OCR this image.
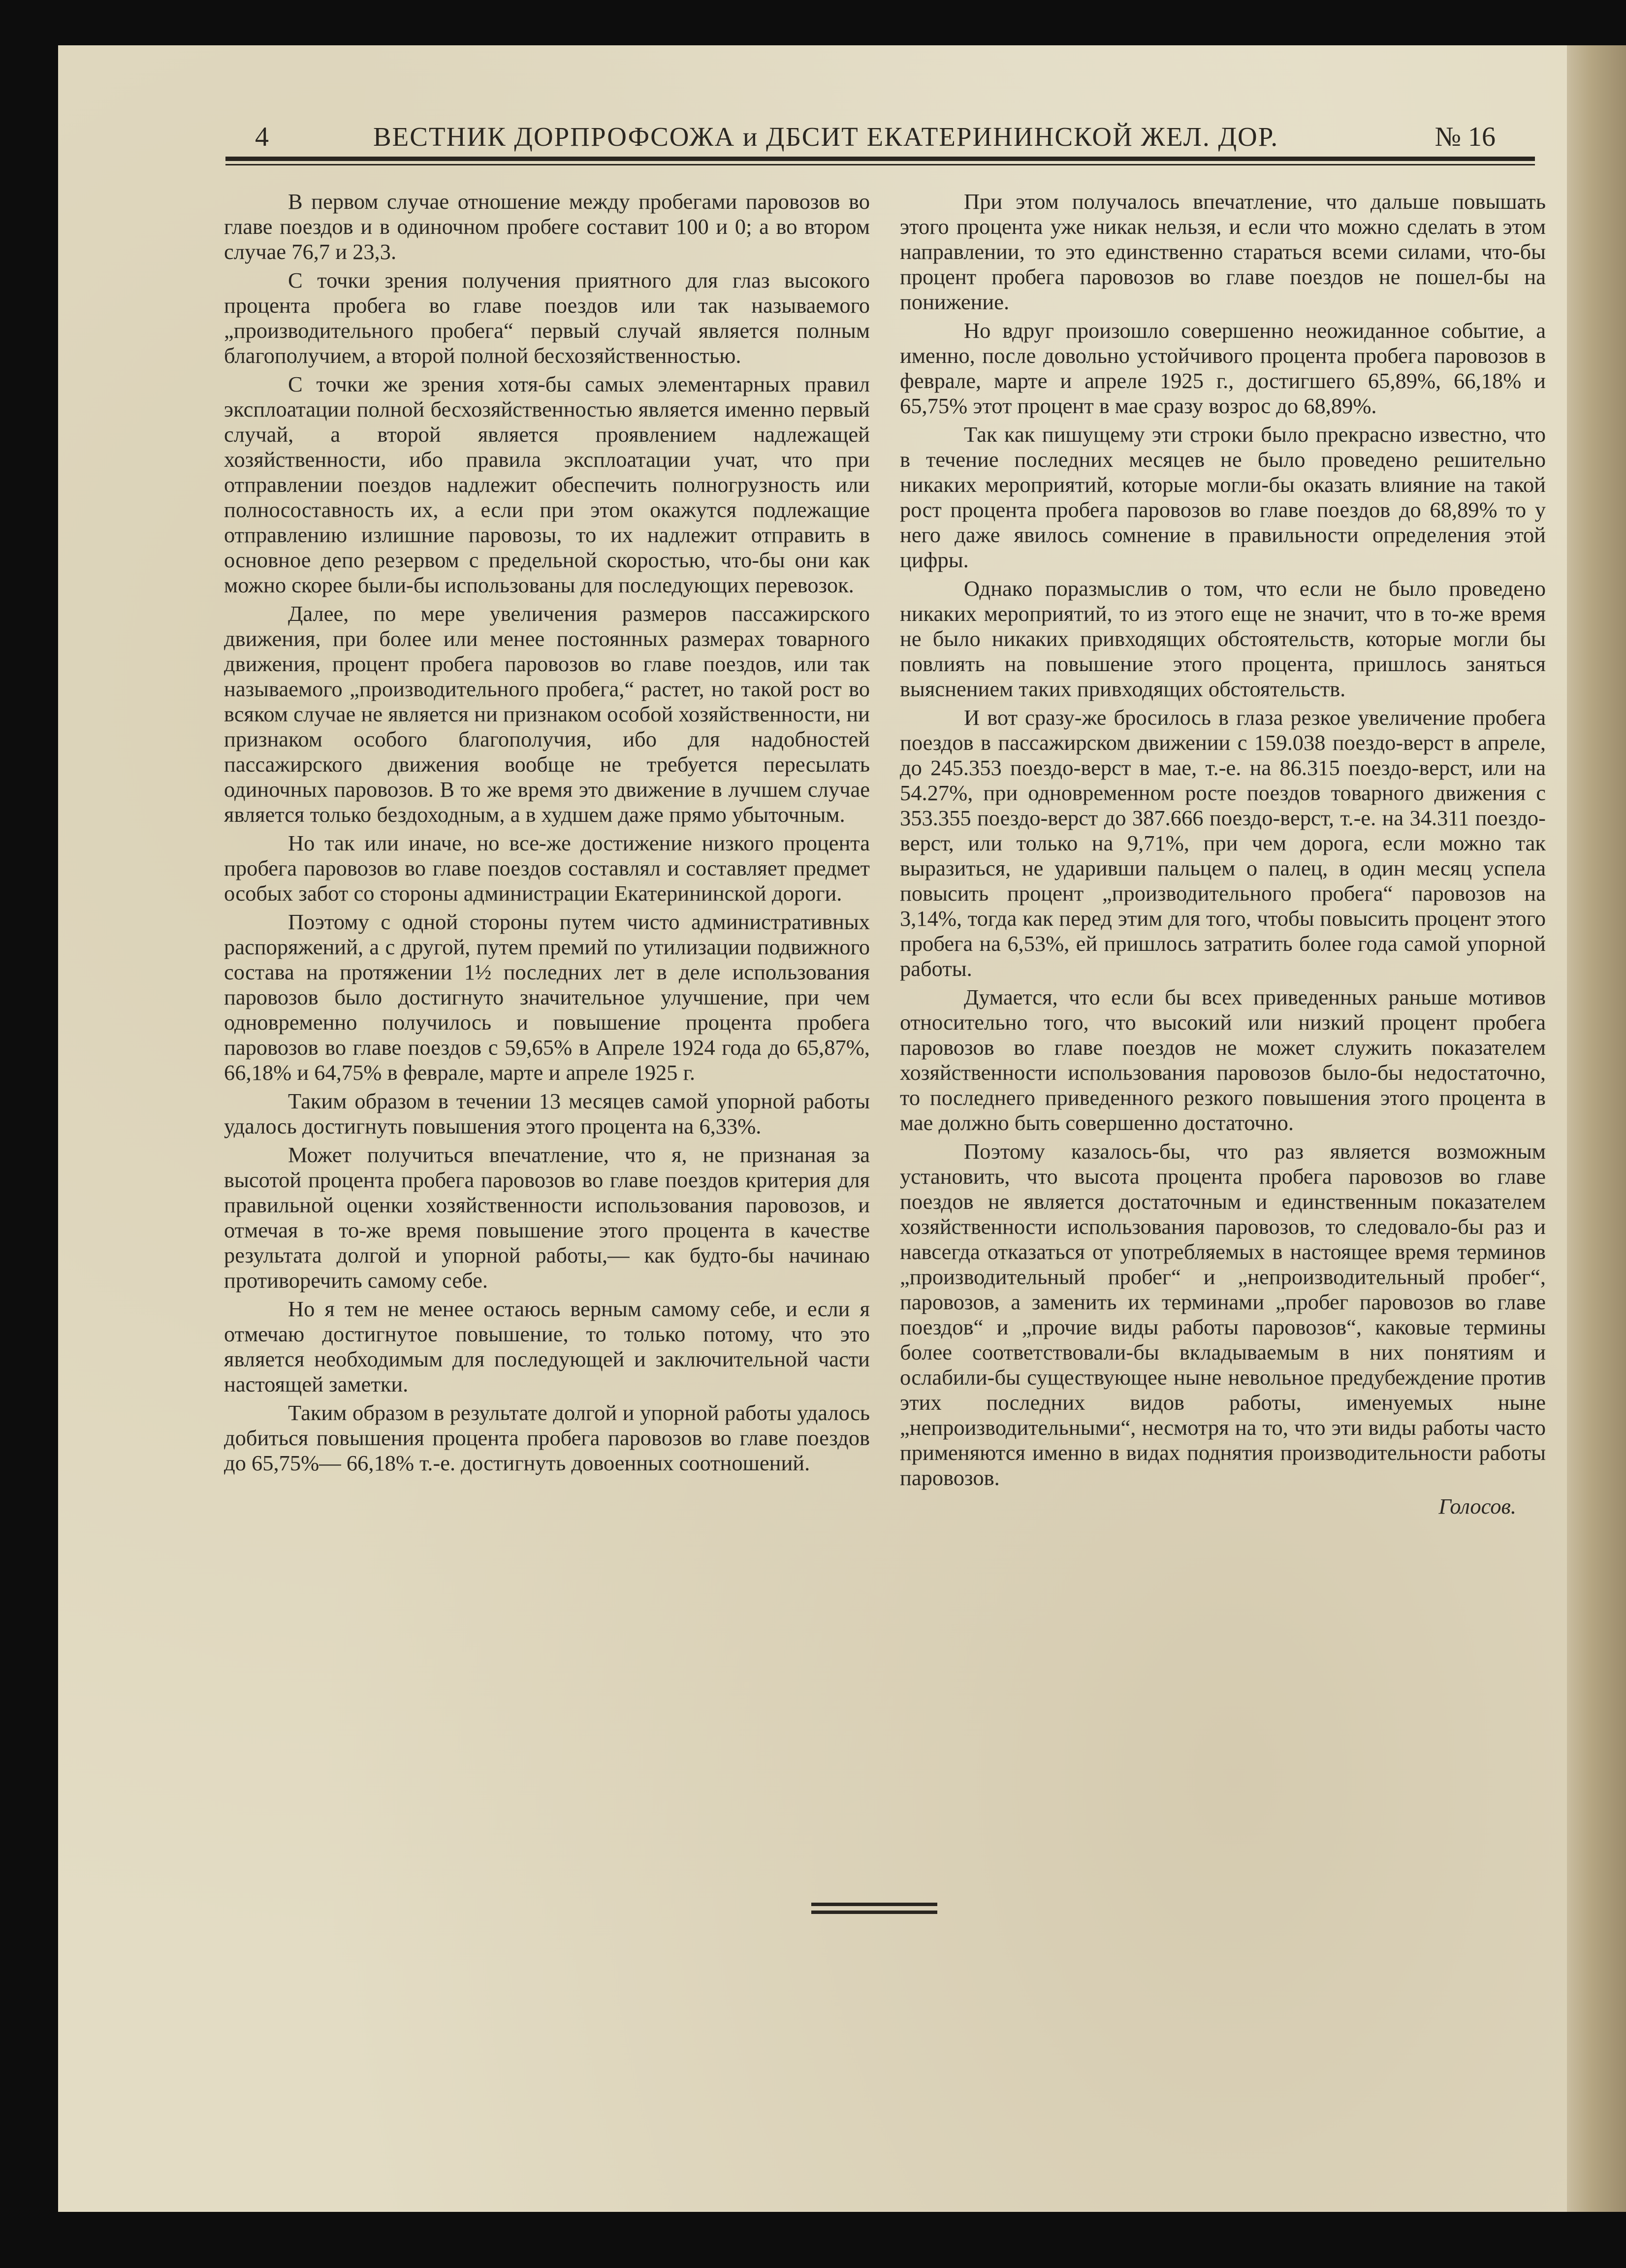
4	ВЕСТНИК ДОРПРОФСОЖА и ДБСИТ ЕКАТЕРИНИНСКОЙ ЖЕЛ. ДОР.	№ 16

В первом случае отношение между пробегами паровозов во главе поездов и в одиночном пробеге составит 100 и 0; а во втором случае 76,7 и 23,3.

С точки зрения получения приятного для глаз высокого процента пробега во главе поездов или так называемого „производительного пробега“ первый случай является полным благополучием, а второй полной бесхозяйственностью.

С точки же зрения хотя-бы самых элементарных правил эксплоатации полной бесхозяйственностью является именно первый случай, а второй является проявлением надлежащей хозяйственности, ибо правила эксплоатации учат, что при отправлении поездов надлежит обеспечить полногрузность или полносоставность их, а если при этом окажутся подлежащие отправлению излишние паровозы, то их надлежит отправить в основное депо резервом с предельной скоростью, что-бы они как можно скорее были-бы использованы для последующих перевозок.

Далее, по мере увеличения размеров пассажирского движения, при более или менее постоянных размерах товарного движения, процент пробега паровозов во главе поездов, или так называемого „производительного пробега,“ растет, но такой рост во всяком случае не является ни признаком особой хозяйственности, ни признаком особого благополучия, ибо для надобностей пассажирского движения вообще не требуется пересылать одиночных паровозов. В то же время это движение в лучшем случае является только бездоходным, а в худшем даже прямо убыточным.

Но так или иначе, но все-же достижение низкого процента пробега паровозов во главе поездов составлял и составляет предмет особых забот со стороны администрации Екатерининской дороги.

Поэтому с одной стороны путем чисто административных распоряжений, а с другой, путем премий по утилизации подвижного состава на протяжении 1½ последних лет в деле использования паровозов было достигнуто значительное улучшение, при чем одновременно получилось и повышение процента пробега паровозов во главе поездов с 59,65% в Апреле 1924 года до 65,87%, 66,18% и 64,75% в феврале, марте и апреле 1925 г.

Таким образом в течении 13 месяцев самой упорной работы удалось достигнуть повышения этого процента на 6,33%.

Может получиться впечатление, что я, не признаная за высотой процента пробега паровозов во главе поездов критерия для правильной оценки хозяйственности использования паровозов, и отмечая в то-же время повышение этого процента в качестве результата долгой и упорной работы,— как будто-бы начинаю противоречить самому себе.

Но я тем не менее остаюсь верным самому себе, и если я отмечаю достигнутое повышение, то только потому, что это является необходимым для последующей и заключительной части настоящей заметки.

Таким образом в результате долгой и упорной работы удалось добиться повышения процента пробега паровозов во главе поездов до 65,75%— 66,18% т.-е. достигнуть довоенных соотношений.

При этом получалось впечатление, что дальше повышать этого процента уже никак нельзя, и если что можно сделать в этом направлении, то это единственно стараться всеми силами, что-бы процент пробега паровозов во главе поездов не пошел-бы на понижение.

Но вдруг произошло совершенно неожиданное событие, а именно, после довольно устойчивого процента пробега паровозов в феврале, марте и апреле 1925 г., достигшего 65,89%, 66,18% и 65,75% этот процент в мае сразу возрос до 68,89%.

Так как пишущему эти строки было прекрасно известно, что в течение последних месяцев не было проведено решительно никаких мероприятий, которые могли-бы оказать влияние на такой рост процента пробега паровозов во главе поездов до 68,89% то у него даже явилось сомнение в правильности определения этой цифры.

Однако поразмыслив о том, что если не было проведено никаких мероприятий, то из этого еще не значит, что в то-же время не было никаких привходящих обстоятельств, которые могли бы повлиять на повышение этого процента, пришлось заняться выяснением таких привходящих обстоятельств.

И вот сразу-же бросилось в глаза резкое увеличение пробега поездов в пассажирском движении с 159.038 поездо-верст в апреле, до 245.353 поездо-верст в мае, т.-е. на 86.315 поездо-верст, или на 54.27%, при одновременном росте поездов товарного движения с 353.355 поездо-верст до 387.666 поездо-верст, т.-е. на 34.311 поездо-верст, или только на 9,71%, при чем дорога, если можно так выразиться, не ударивши пальцем о палец, в один месяц успела повысить процент „производительного пробега“ паровозов на 3,14%, тогда как перед этим для того, чтобы повысить процент этого пробега на 6,53%, ей пришлось затратить более года самой упорной работы.

Думается, что если бы всех приведенных раньше мотивов относительно того, что высокий или низкий процент пробега паровозов во главе поездов не может служить показателем хозяйственности использования паровозов было-бы недостаточно, то последнего приведенного резкого повышения этого процента в мае должно быть совершенно достаточно.

Поэтому казалось-бы, что раз является возможным установить, что высота процента пробега паровозов во главе поездов не является достаточным и единственным показателем хозяйственности использования паровозов, то следовало-бы раз и навсегда отказаться от употребляемых в настоящее время терминов „производительный пробег“ и „непроизводительный пробег“, паровозов, а заменить их терминами „пробег паровозов во главе поездов“ и „прочие виды работы паровозов“, каковые термины более соответствовали-бы вкладываемым в них понятиям и ослабили-бы существующее ныне невольное предубеждение против этих последних видов работы, именуемых ныне „непроизводительными“, несмотря на то, что эти виды работы часто применяются именно в видах поднятия производительности работы паровозов.

Голосов.
